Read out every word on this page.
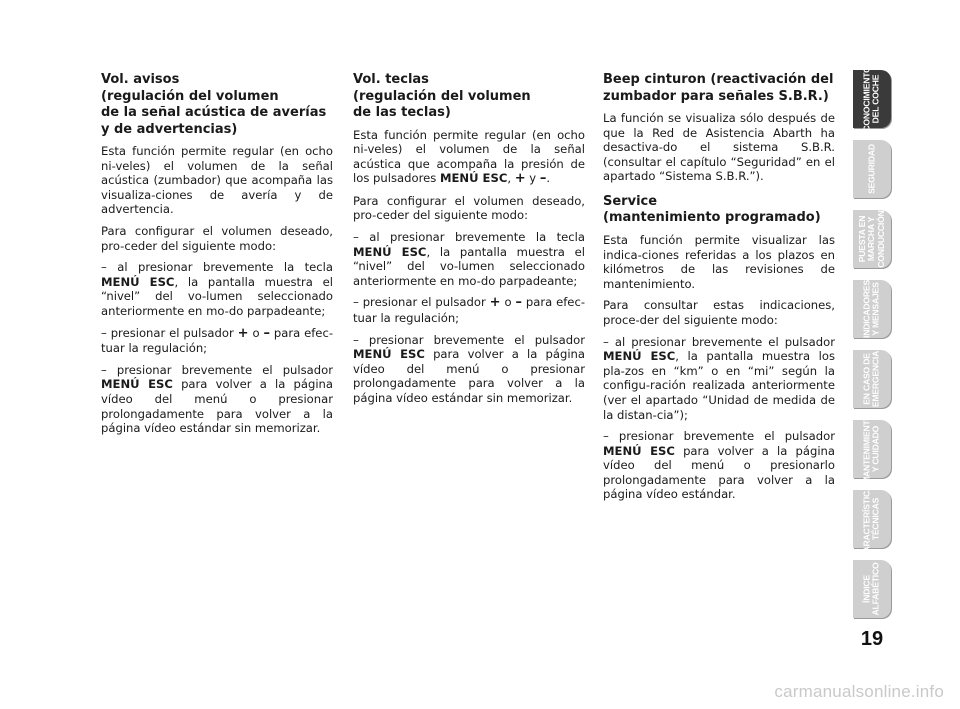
Vol. avisos
(regulación del volumen
de la señal acústica de averías
y de advertencias)
Esta función permite regular (en ocho ni-veles) el volumen de la señal acústica (zumbador) que acompaña las visualiza-ciones de avería y de advertencia.
Para configurar el volumen deseado, pro-ceder del siguiente modo:
– al presionar brevemente la tecla MENÚ ESC, la pantalla muestra el “nivel” del vo-lumen seleccionado anteriormente en mo-do parpadeante;
– presionar el pulsador + o – para efec-tuar la regulación;
– presionar brevemente el pulsador MENÚ ESC para volver a la página vídeo del menú o presionar prolongadamente para volver a la página vídeo estándar sin memorizar.
Vol. teclas
(regulación del volumen
de las teclas)
Esta función permite regular (en ocho ni-veles) el volumen de la señal acústica que acompaña la presión de los pulsadores MENÚ ESC, + y –.
Para configurar el volumen deseado, pro-ceder del siguiente modo:
– al presionar brevemente la tecla MENÚ ESC, la pantalla muestra el “nivel” del vo-lumen seleccionado anteriormente en mo-do parpadeante;
– presionar el pulsador + o – para efec-tuar la regulación;
– presionar brevemente el pulsador MENÚ ESC para volver a la página vídeo del menú o presionar prolongadamente para volver a la página vídeo estándar sin memorizar.
Beep cinturon (reactivación del
zumbador para señales S.B.R.)
La función se visualiza sólo después de que la Red de Asistencia Abarth ha desactiva-do el sistema S.B.R. (consultar el capítulo “Seguridad” en el apartado “Sistema S.B.R.”).
Service
(mantenimiento programado)
Esta función permite visualizar las indica-ciones referidas a los plazos en kilómetros de las revisiones de mantenimiento.
Para consultar estas indicaciones, proce-der del siguiente modo:
– al presionar brevemente el pulsador MENÚ ESC, la pantalla muestra los pla-zos en “km” o en “mi” según la configu-ración realizada anteriormente (ver el apartado “Unidad de medida de la distan-cia”);
– presionar brevemente el pulsador MENÚ ESC para volver a la página vídeo del menú o presionarlo prolongadamente para volver a la página vídeo estándar.
CONOCIMIENTO
DEL COCHE
SEGURIDAD
PUESTA EN
MARCHA Y
CONDUCCIÓN
INDICADORES
Y MENSAJES
EN CASO DE
EMERGENCIA
MANTENIMIENTO
Y CUIDADO
CARACTERÍSTICAS
TÉCNICAS
ÍNDICE
ALFABÉTICO
19
carmanualsonline.info
